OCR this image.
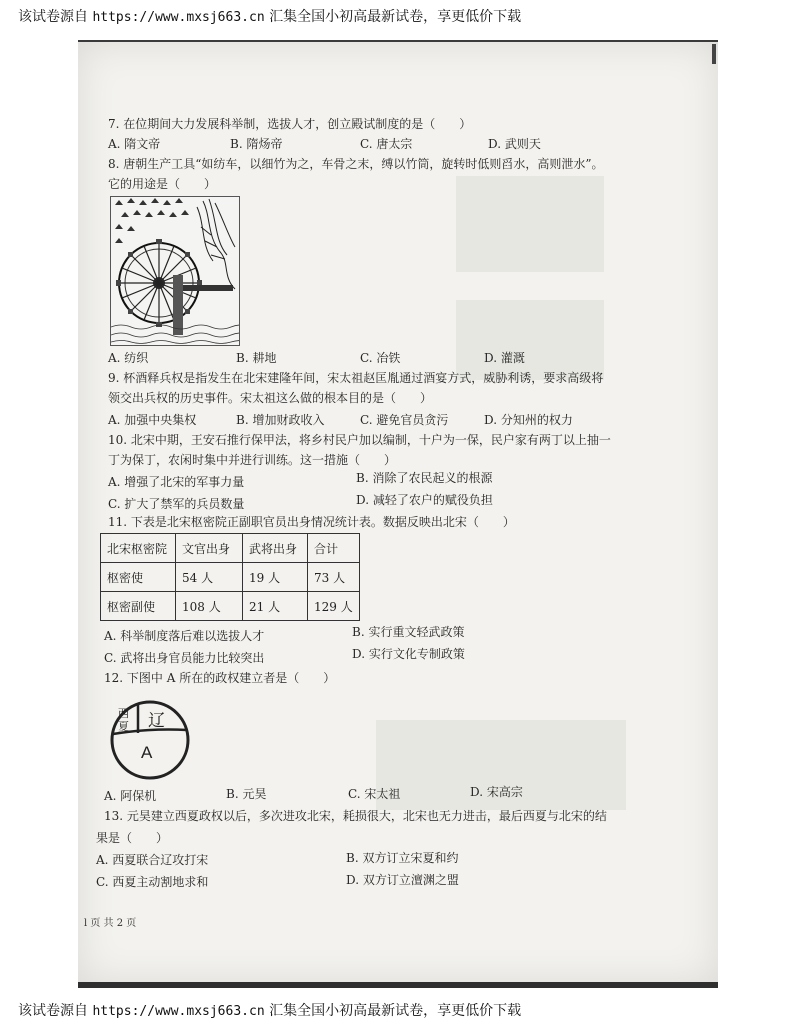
该试卷源自 https://www.mxsj663.cn 汇集全国小初高最新试卷，享更低价下载
7. 在位期间大力发展科举制，选拔人才，创立殿试制度的是（　　）
A. 隋文帝	B. 隋炀帝	C. 唐太宗	D. 武则天
8. 唐朝生产工具“如纺车，以细竹为之，车骨之末，缚以竹筒，旋转时低则舀水，高则泄水”。
它的用途是（　　）
A. 纺织	B. 耕地	C. 冶铁	D. 灌溉
9. 杯酒释兵权是指发生在北宋建隆年间，宋太祖赵匡胤通过酒宴方式，威胁利诱，要求高级将
领交出兵权的历史事件。宋太祖这么做的根本目的是（　　）
A. 加强中央集权	B. 增加财政收入	C. 避免官员贪污	D. 分知州的权力
10. 北宋中期，王安石推行保甲法，将乡村民户加以编制，十户为一保，民户家有两丁以上抽一
丁为保丁，农闲时集中并进行训练。这一措施（　　）
A. 增强了北宋的军事力量	B. 消除了农民起义的根源
C. 扩大了禁军的兵员数量	D. 减轻了农户的赋役负担
11. 下表是北宋枢密院正副职官员出身情况统计表。数据反映出北宋（　　）
北宋枢密院	文官出身	武将出身	合计
枢密使	54 人	19 人	73 人
枢密副使	108 人	21 人	129 人
A. 科举制度落后难以选拔人才	B. 实行重文轻武政策
C. 武将出身官员能力比较突出	D. 实行文化专制政策
12. 下图中 A 所在的政权建立者是（　　）
西
夏 辽
A
A. 阿保机	B. 元昊	C. 宋太祖	D. 宋高宗
13. 元昊建立西夏政权以后，多次进攻北宋，耗损很大，北宋也无力进击，最后西夏与北宋的结
果是（　　）
A. 西夏联合辽攻打宋	B. 双方订立宋夏和约
C. 西夏主动割地求和	D. 双方订立澶渊之盟
l 页 共 2 页
该试卷源自 https://www.mxsj663.cn 汇集全国小初高最新试卷，享更低价下载
